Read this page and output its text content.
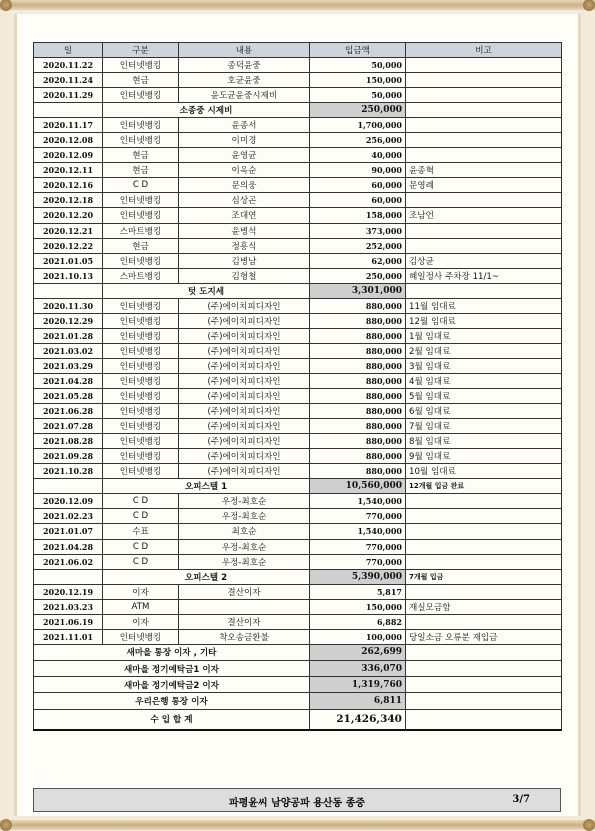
일	구분	내용	입금액	비고
2020.11.22	인터넷뱅킹	종덕윤중	50,000	
2020.11.24	현금	호균윤중	150,000	
2020.11.29	인터넷뱅킹	윤도균윤중시제비	50,000	
	소종중 시제비		250,000	
2020.11.17	인터넷뱅킹	윤종서	1,700,000	
2020.12.08	인터넷뱅킹	이미경	256,000	
2020.12.09	현금	윤영균	40,000	
2020.12.11	현금	이옥순	90,000	윤종혁
2020.12.16	C D	문의웅	60,000	문영례
2020.12.18	인터넷뱅킹	심상곤	60,000	
2020.12.20	인터넷뱅킹	조대연	158,000	조남언
2020.12.21	스마트뱅킹	윤병석	373,000	
2020.12.22	현금	정흥식	252,000	
2021.01.05	인터넷뱅킹	김병남	62,000	김상균
2021.10.13	스마트뱅킹	김형철	250,000	혜일정사 주차장 11/1~
	텃 도지세		3,301,000	
2020.11.30	인터넷뱅킹	(주)에이치피디자인	880,000	11월 임대료
2020.12.29	인터넷뱅킹	(주)에이치피디자인	880,000	12월 임대료
2021.01.28	인터넷뱅킹	(주)에이치피디자인	880,000	1월 임대료
2021.03.02	인터넷뱅킹	(주)에이치피디자인	880,000	2월 임대료
2021.03.29	인터넷뱅킹	(주)에이치피디자인	880,000	3월 임대료
2021.04.28	인터넷뱅킹	(주)에이치피디자인	880,000	4월 임대료
2021.05.28	인터넷뱅킹	(주)에이치피디자인	880,000	5월 임대료
2021.06.28	인터넷뱅킹	(주)에이치피디자인	880,000	6월 임대료
2021.07.28	인터넷뱅킹	(주)에이치피디자인	880,000	7월 임대료
2021.08.28	인터넷뱅킹	(주)에이치피디자인	880,000	8월 임대료
2021.09.28	인터넷뱅킹	(주)에이치피디자인	880,000	9월 임대료
2021.10.28	인터넷뱅킹	(주)에이치피디자인	880,000	10월 임대료
	오피스텔 1		10,560,000	12개월 입금 완료
2020.12.09	C D	우정-최호순	1,540,000	
2021.02.23	C D	우정-최호순	770,000	
2021.01.07	수표	최호순	1,540,000	
2021.04.28	C D	우정-최호순	770,000	
2021.06.02	C D	우정-최호순	770,000	
	오피스텔 2		5,390,000	7개월 입금
2020.12.19	이자	결산이자	5,817	
2021.03.23	ATM		150,000	재실모금함
2021.06.19	이자	결산이자	6,882	
2021.11.01	인터넷뱅킹	착오송금환불	100,000	당일소금 오류분 재입금
새마을 통장 이자 , 기타			262,699	
새마을 정기예탁금1 이자			336,070	
새마을 정기예탁금2 이자			1,319,760	
우리은행 통장 이자			6,811	
수 입 합 계			21,426,340	
파평윤씨 남양공파 용산동 종중	3/7
